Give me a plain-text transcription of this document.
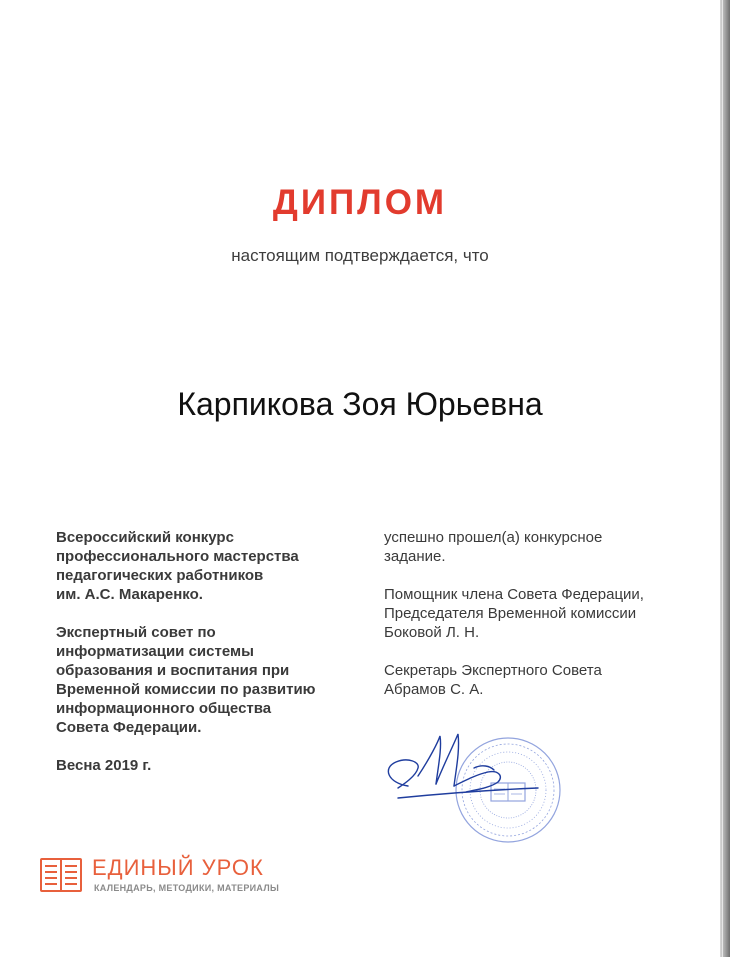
ДИПЛОМ
настоящим подтверждается, что
Карпикова Зоя Юрьевна

Всероссийский конкурс
профессионального мастерства
педагогических работников
им. А.С. Макаренко.

Экспертный совет по
информатизации системы
образования и воспитания при
Временной комиссии по развитию
информационного общества
Совета Федерации.

Весна 2019 г.

успешно прошел(а) конкурсное
задание.

Помощник члена Совета Федерации,
Председателя Временной комиссии
Боковой Л. Н.

Секретарь Экспертного Совета
Абрамов С. А.

ЕДИНЫЙ УРОК
КАЛЕНДАРЬ, МЕТОДИКИ, МАТЕРИАЛЫ
